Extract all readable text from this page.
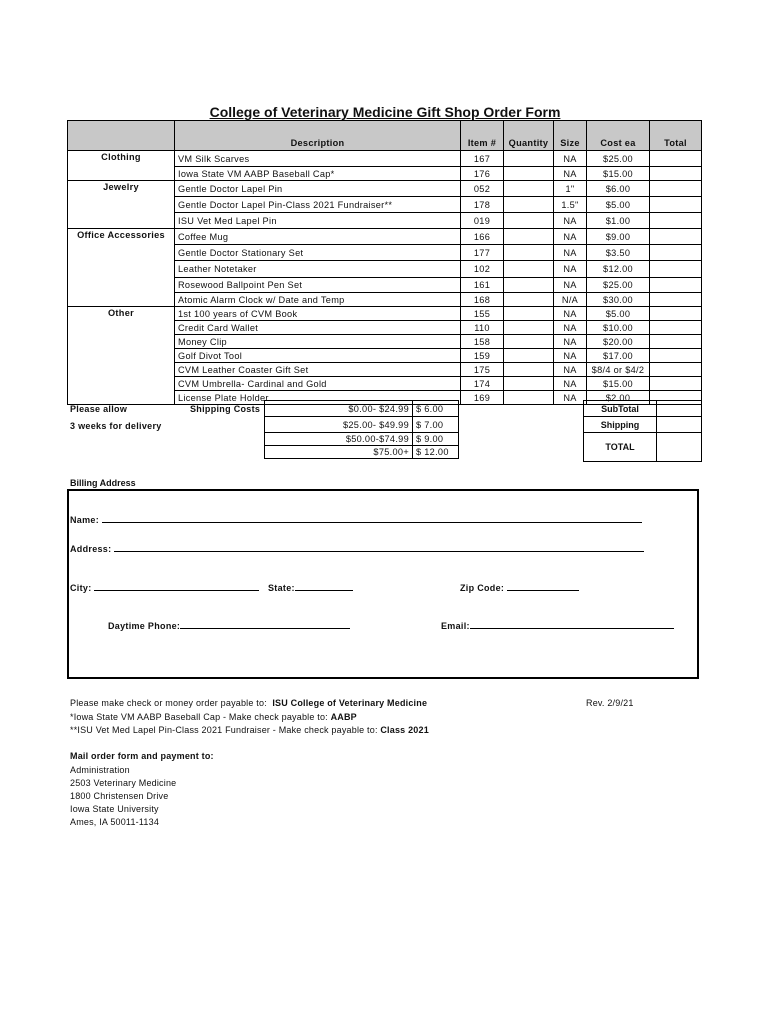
College of Veterinary Medicine Gift Shop Order Form
	Description	Item #	Quantity	Size	Cost ea	Total
Clothing	VM Silk Scarves	167		NA	$25.00	
	Iowa State VM AABP Baseball Cap*	176		NA	$15.00	
Jewelry	Gentle Doctor Lapel Pin	052		1"	$6.00	
	Gentle Doctor Lapel Pin-Class 2021 Fundraiser**	178		1.5"	$5.00	
	ISU Vet Med Lapel Pin	019		NA	$1.00	
Office Accessories	Coffee Mug	166		NA	$9.00	
	Gentle Doctor Stationary Set	177		NA	$3.50	
	Leather Notetaker	102		NA	$12.00	
	Rosewood Ballpoint Pen Set	161		NA	$25.00	
	Atomic Alarm Clock w/ Date and Temp	168		N/A	$30.00	
Other	1st 100 years of CVM Book	155		NA	$5.00	
	Credit Card Wallet	110		NA	$10.00	
	Money Clip	158		NA	$20.00	
	Golf Divot Tool	159		NA	$17.00	
	CVM Leather Coaster Gift Set	175		NA	$8/4 or $4/2	
	CVM Umbrella- Cardinal and Gold	174		NA	$15.00	
	License Plate Holder	169		NA	$2.00	
Please allow
3 weeks for delivery
Shipping Costs	$0.00- $24.99	$ 6.00
$25.00- $49.99	$ 7.00
$50.00-$74.99	$ 9.00
$75.00+	$ 12.00
SubTotal	
Shipping	
TOTAL	
Billing Address
Name:
Address:
City:	State:	Zip Code:
Daytime Phone:	Email:
Please make check or money order payable to: ISU College of Veterinary Medicine	Rev. 2/9/21
*Iowa State VM AABP Baseball Cap - Make check payable to: AABP
**ISU Vet Med Lapel Pin-Class 2021 Fundraiser - Make check payable to: Class 2021
Mail order form and payment to:
Administration
2503 Veterinary Medicine
1800 Christensen Drive
Iowa State University
Ames, IA 50011-1134
